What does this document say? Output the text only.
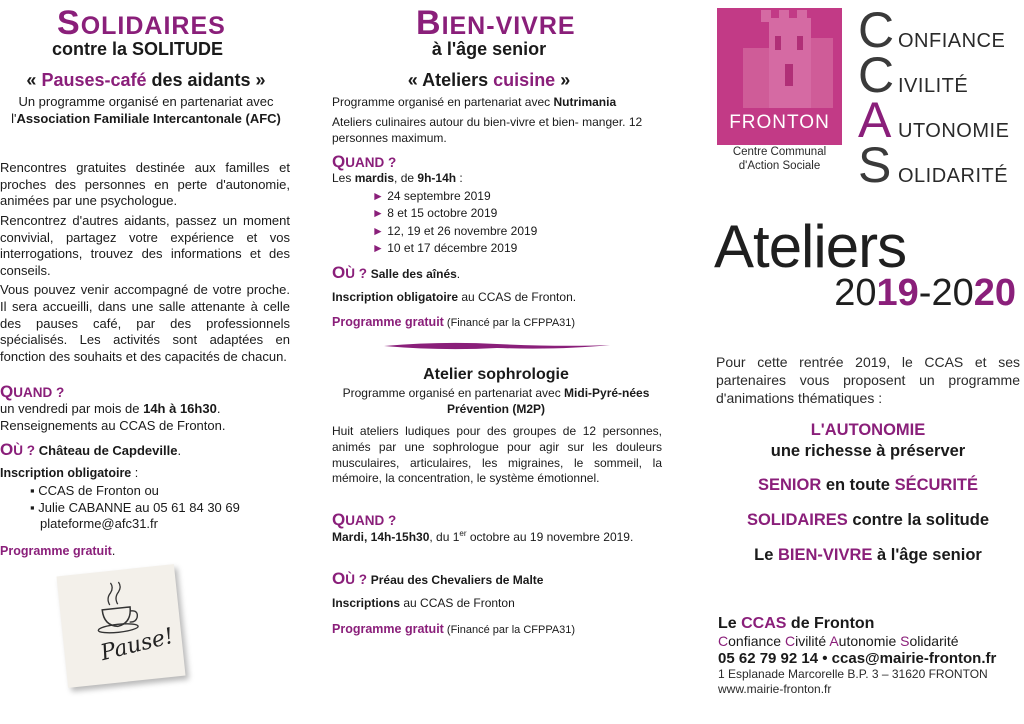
SOLIDAIRES
contre la SOLITUDE
« Pauses-café des aidants »
Un programme organisé en partenariat avec l'Association Familiale Intercantonale (AFC)

Rencontres gratuites destinée aux familles et proches des personnes en perte d'autonomie, animées par une psychologue.

Rencontrez d'autres aidants, passez un moment convivial, partagez votre expérience et vos interrogations, trouvez des informations et des conseils.

Vous pouvez venir accompagné de votre proche. Il sera accueilli, dans une salle attenante à celle des pauses café, par des professionnels spécialisés. Les activités sont adaptées en fonction des souhaits et des capacités de chacun.

QUAND ?
un vendredi par mois de 14h à 16h30.
Renseignements au CCAS de Fronton.
OÙ ? Château de Capdeville.
Inscription obligatoire :
▪ CCAS de Fronton ou
▪ Julie CABANNE au 05 61 84 30 69
plateforme@afc31.fr
Programme gratuit.
Pause!
BIEN-VIVRE
à l'âge senior
« Ateliers cuisine »
Programme organisé en partenariat avec Nutrimania
Ateliers culinaires autour du bien-vivre et bien- manger. 12 personnes maximum.
QUAND ?
Les mardis, de 9h-14h :
► 24 septembre 2019
► 8 et 15 octobre 2019
► 12, 19 et 26 novembre 2019
► 10 et 17 décembre 2019
OÙ ? Salle des aînés.
Inscription obligatoire au CCAS de Fronton.
Programme gratuit (Financé par la CFPPA31)
Atelier sophrologie
Programme organisé en partenariat avec Midi-Pyré-nées Prévention (M2P)
Huit ateliers ludiques pour des groupes de 12 personnes, animés par une sophrologue pour agir sur les douleurs musculaires, articulaires, les migraines, le sommeil, la mémoire, la concentration, le système émotionnel.
QUAND ?
Mardi, 14h-15h30, du 1er octobre au 19 novembre 2019.
OÙ ? Préau des Chevaliers de Malte
Inscriptions au CCAS de Fronton
Programme gratuit (Financé par la CFPPA31)
FRONTON
Centre Communal d'Action Sociale
C ONFIANCE
C IVILITÉ
A UTONOMIE
S OLIDARITÉ
Ateliers
2019-2020
Pour cette rentrée 2019, le CCAS et ses partenaires vous proposent un programme d'animations thématiques :
L'AUTONOMIE
une richesse à préserver
SENIOR en toute SÉCURITÉ
SOLIDAIRES contre la solitude
Le BIEN-VIVRE à l'âge senior
Le CCAS de Fronton
Confiance Civilité Autonomie Solidarité
05 62 79 92 14 • ccas@mairie-fronton.fr
1 Esplanade Marcorelle B.P. 3 – 31620 FRONTON
www.mairie-fronton.fr
